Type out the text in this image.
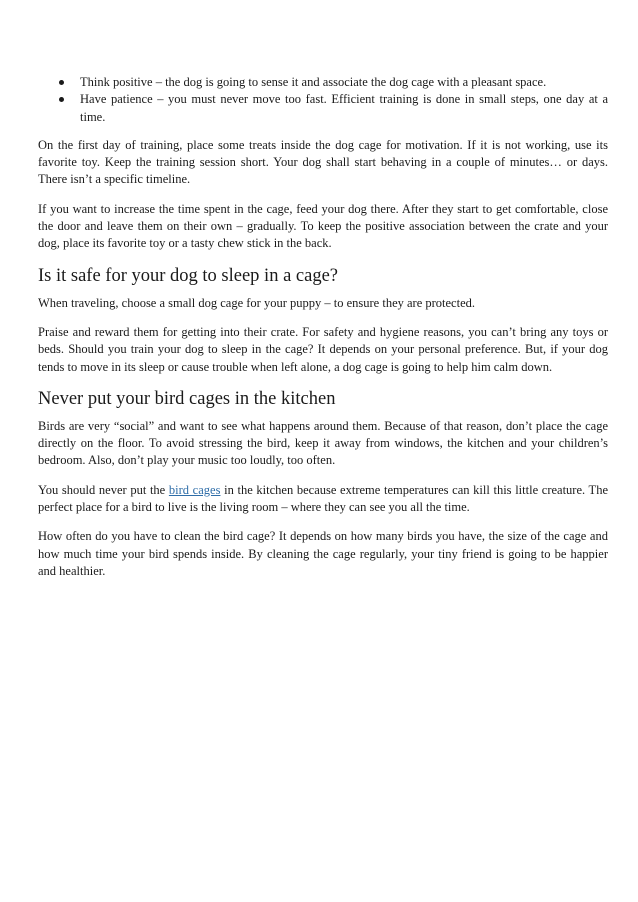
Think positive – the dog is going to sense it and associate the dog cage with a pleasant space.
Have patience – you must never move too fast. Efficient training is done in small steps, one day at a time.

On the first day of training, place some treats inside the dog cage for motivation. If it is not working, use its favorite toy. Keep the training session short. Your dog shall start behaving in a couple of minutes… or days. There isn’t a specific timeline.

If you want to increase the time spent in the cage, feed your dog there. After they start to get comfortable, close the door and leave them on their own – gradually. To keep the positive association between the crate and your dog, place its favorite toy or a tasty chew stick in the back.

Is it safe for your dog to sleep in a cage?

When traveling, choose a small dog cage for your puppy – to ensure they are protected.

Praise and reward them for getting into their crate. For safety and hygiene reasons, you can’t bring any toys or beds. Should you train your dog to sleep in the cage? It depends on your personal preference. But, if your dog tends to move in its sleep or cause trouble when left alone, a dog cage is going to help him calm down.

Never put your bird cages in the kitchen

Birds are very “social” and want to see what happens around them. Because of that reason, don’t place the cage directly on the floor. To avoid stressing the bird, keep it away from windows, the kitchen and your children’s bedroom. Also, don’t play your music too loudly, too often.

You should never put the bird cages in the kitchen because extreme temperatures can kill this little creature. The perfect place for a bird to live is the living room – where they can see you all the time.

How often do you have to clean the bird cage? It depends on how many birds you have, the size of the cage and how much time your bird spends inside. By cleaning the cage regularly, your tiny friend is going to be happier and healthier.
